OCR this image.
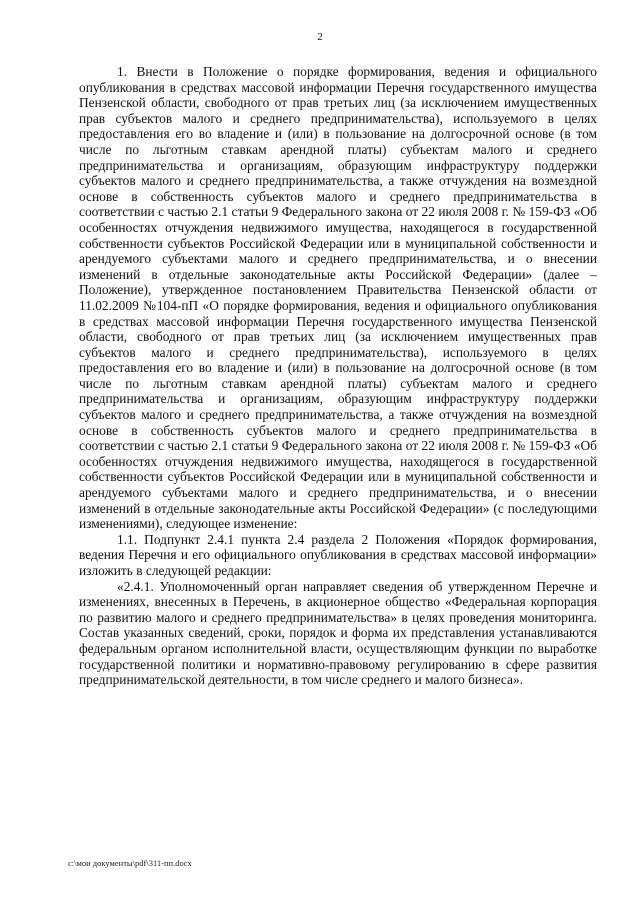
2

1. Внести в Положение о порядке формирования, ведения и официального опубликования в средствах массовой информации Перечня государственного имущества Пензенской области, свободного от прав третьих лиц (за исключением имущественных прав субъектов малого и среднего предпринимательства), используемого в целях предоставления его во владение и (или) в пользование на долгосрочной основе (в том числе по льготным ставкам арендной платы) субъектам малого и среднего предпринимательства и организациям, образующим инфраструктуру поддержки субъектов малого и среднего предпринимательства, а также отчуждения на возмездной основе в собственность субъектов малого и среднего предпринимательства в соответствии с частью 2.1 статьи 9 Федерального закона от 22 июля 2008 г. № 159-ФЗ «Об особенностях отчуждения недвижимого имущества, находящегося в государственной собственности субъектов Российской Федерации или в муниципальной собственности и арендуемого субъектами малого и среднего предпринимательства, и о внесении изменений в отдельные законодательные акты Российской Федерации» (далее – Положение), утвержденное постановлением Правительства Пензенской области от 11.02.2009 №104-пП «О порядке формирования, ведения и официального опубликования в средствах массовой информации Перечня государственного имущества Пензенской области, свободного от прав третьих лиц (за исключением имущественных прав субъектов малого и среднего предпринимательства), используемого в целях предоставления его во владение и (или) в пользование на долгосрочной основе (в том числе по льготным ставкам арендной платы) субъектам малого и среднего предпринимательства и организациям, образующим инфраструктуру поддержки субъектов малого и среднего предпринимательства, а также отчуждения на возмездной основе в собственность субъектов малого и среднего предпринимательства в соответствии с частью 2.1 статьи 9 Федерального закона от 22 июля 2008 г. № 159-ФЗ «Об особенностях отчуждения недвижимого имущества, находящегося в государственной собственности субъектов Российской Федерации или в муниципальной собственности и арендуемого субъектами малого и среднего предпринимательства, и о внесении изменений в отдельные законодательные акты Российской Федерации» (с последующими изменениями), следующее изменение:

1.1. Подпункт 2.4.1 пункта 2.4 раздела 2 Положения «Порядок формирования, ведения Перечня и его официального опубликования в средствах массовой информации» изложить в следующей редакции:

«2.4.1. Уполномоченный орган направляет сведения об утвержденном Перечне и изменениях, внесенных в Перечень, в акционерное общество «Федеральная корпорация по развитию малого и среднего предпринимательства» в целях проведения мониторинга. Состав указанных сведений, сроки, порядок и форма их представления устанавливаются федеральным органом исполнительной власти, осуществляющим функции по выработке государственной политики и нормативно-правовому регулированию в сфере развития предпринимательской деятельности, в том числе среднего и малого бизнеса».

c:\мои документы\pdf\311-пп.docx
